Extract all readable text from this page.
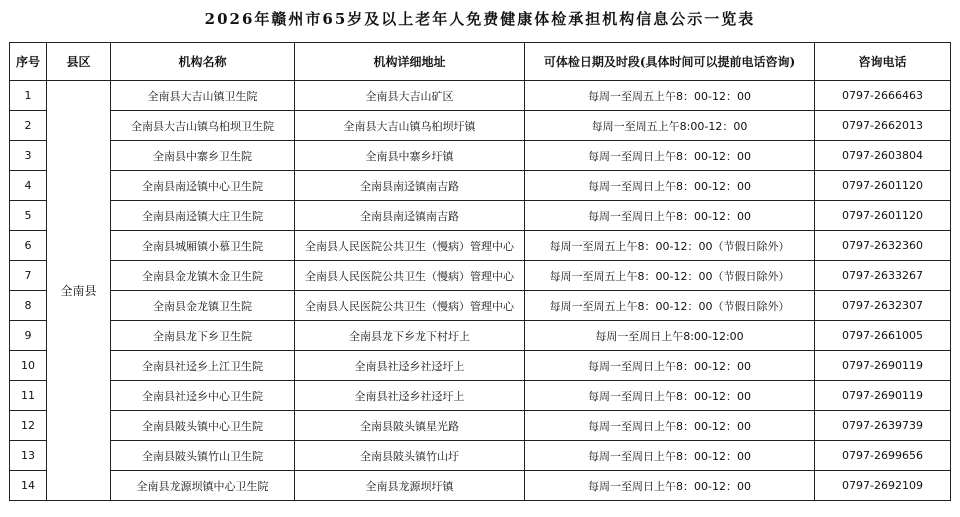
2026年赣州市65岁及以上老年人免费健康体检承担机构信息公示一览表
序号	县区	机构名称	机构详细地址	可体检日期及时段(具体时间可以提前电话咨询)	咨询电话
1	全南县	全南县大吉山镇卫生院	全南县大吉山矿区	每周一至周五上午8：00-12：00	0797-2666463
2		全南县大吉山镇乌桕坝卫生院	全南县大吉山镇乌桕坝圩镇	每周一至周五上午8:00-12：00	0797-2662013
3		全南县中寨乡卫生院	全南县中寨乡圩镇	每周一至周日上午8：00-12：00	0797-2603804
4		全南县南迳镇中心卫生院	全南县南迳镇南吉路	每周一至周日上午8：00-12：00	0797-2601120
5		全南县南迳镇大庄卫生院	全南县南迳镇南吉路	每周一至周日上午8：00-12：00	0797-2601120
6		全南县城厢镇小慕卫生院	全南县人民医院公共卫生（慢病）管理中心	每周一至周五上午8：00-12：00（节假日除外）	0797-2632360
7		全南县金龙镇木金卫生院	全南县人民医院公共卫生（慢病）管理中心	每周一至周五上午8：00-12：00（节假日除外）	0797-2633267
8		全南县金龙镇卫生院	全南县人民医院公共卫生（慢病）管理中心	每周一至周五上午8：00-12：00（节假日除外）	0797-2632307
9		全南县龙下乡卫生院	全南县龙下乡龙下村圩上	每周一至周日上午8:00-12:00	0797-2661005
10		全南县社迳乡上江卫生院	全南县社迳乡社迳圩上	每周一至周日上午8：00-12：00	0797-2690119
11		全南县社迳乡中心卫生院	全南县社迳乡社迳圩上	每周一至周日上午8：00-12：00	0797-2690119
12		全南县陂头镇中心卫生院	全南县陂头镇星光路	每周一至周日上午8：00-12：00	0797-2639739
13		全南县陂头镇竹山卫生院	全南县陂头镇竹山圩	每周一至周日上午8：00-12：00	0797-2699656
14		全南县龙源坝镇中心卫生院	全南县龙源坝圩镇	每周一至周日上午8：00-12：00	0797-2692109
